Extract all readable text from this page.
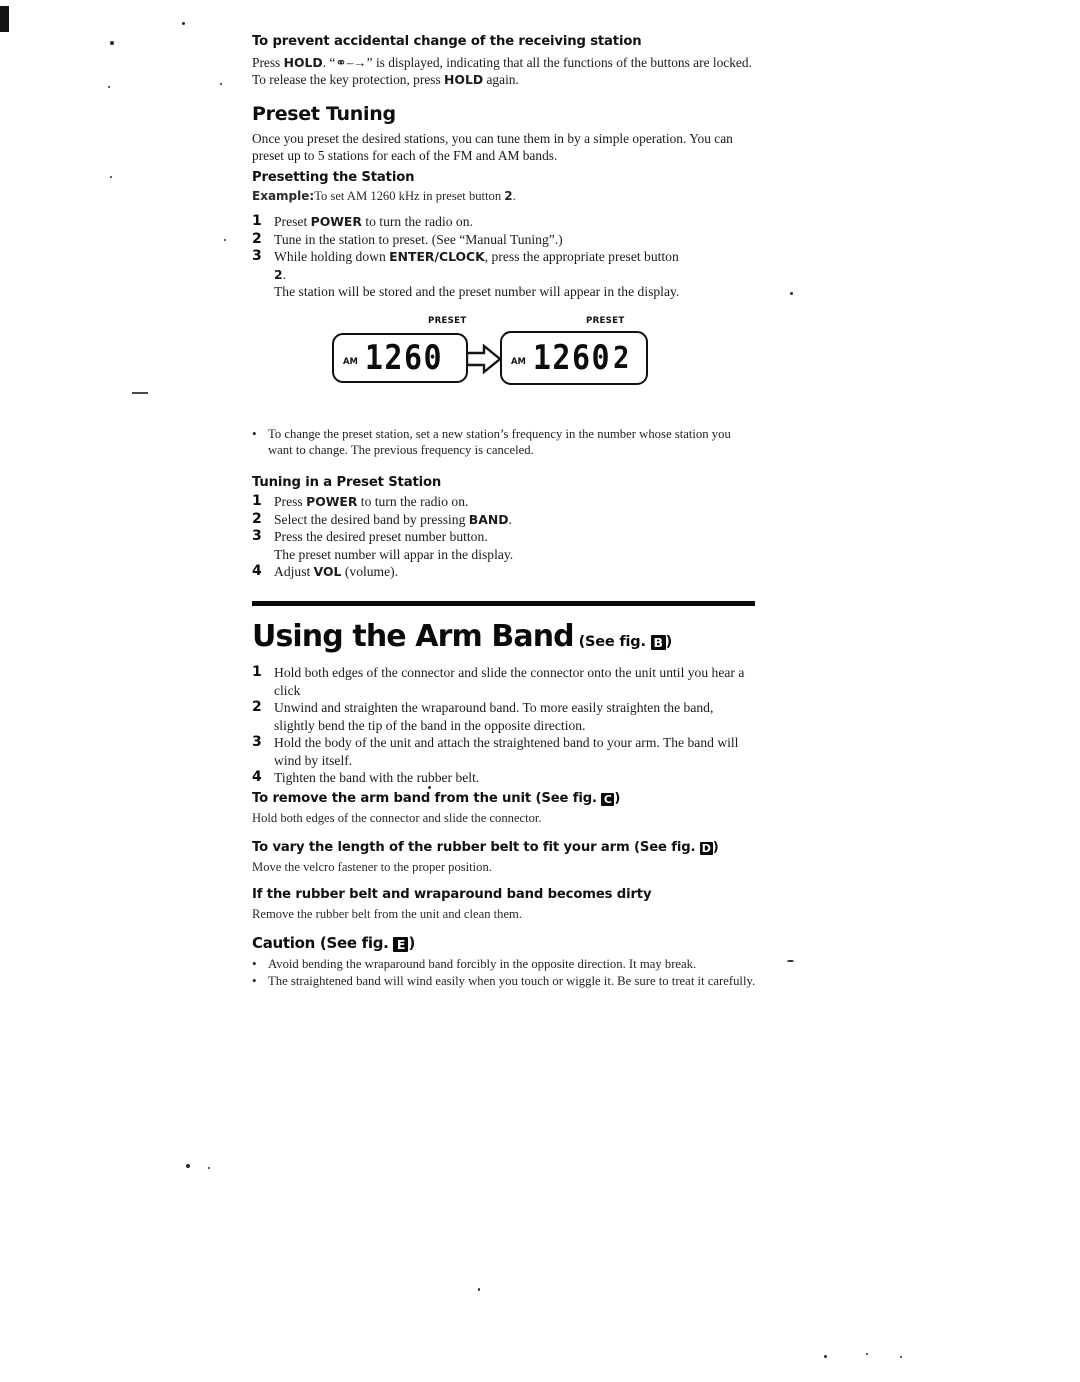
To prevent accidental change of the receiving station
Press HOLD. “⚭–→” is displayed, indicating that all the functions of the buttons are locked. To release the key protection, press HOLD again.
Preset Tuning
Once you preset the desired stations, you can tune them in by a simple operation. You can preset up to 5 stations for each of the FM and AM bands.
Presetting the Station
Example:To set AM 1260 kHz in preset button 2.
1 Preset POWER to turn the radio on.
2 Tune in the station to preset. (See “Manual Tuning”.)
3 While holding down ENTER/CLOCK, press the appropriate preset button
2.
The station will be stored and the preset number will appear in the display.
PRESET	PRESET
AM 1260	AM 1260 2
• To change the preset station, set a new station’s frequency in the number whose station you want to change. The previous frequency is canceled.
Tuning in a Preset Station
1 Press POWER to turn the radio on.
2 Select the desired band by pressing BAND.
3 Press the desired preset number button.
The preset number will appar in the display.
4 Adjust VOL (volume).
Using the Arm Band (See fig. B )
1 Hold both edges of the connector and slide the connector onto the unit until you hear a click
2 Unwind and straighten the wraparound band. To more easily straighten the band, slightly bend the tip of the band in the opposite direction.
3 Hold the body of the unit and attach the straightened band to your arm. The band will wind by itself.
4 Tighten the band with the rubber belt.
To remove the arm band from the unit (See fig. C )
Hold both edges of the connector and slide the connector.
To vary the length of the rubber belt to fit your arm (See fig. D )
Move the velcro fastener to the proper position.
If the rubber belt and wraparound band becomes dirty
Remove the rubber belt from the unit and clean them.
Caution (See fig. E )
• Avoid bending the wraparound band forcibly in the opposite direction. It may break.
• The straightened band will wind easily when you touch or wiggle it. Be sure to treat it carefully.
